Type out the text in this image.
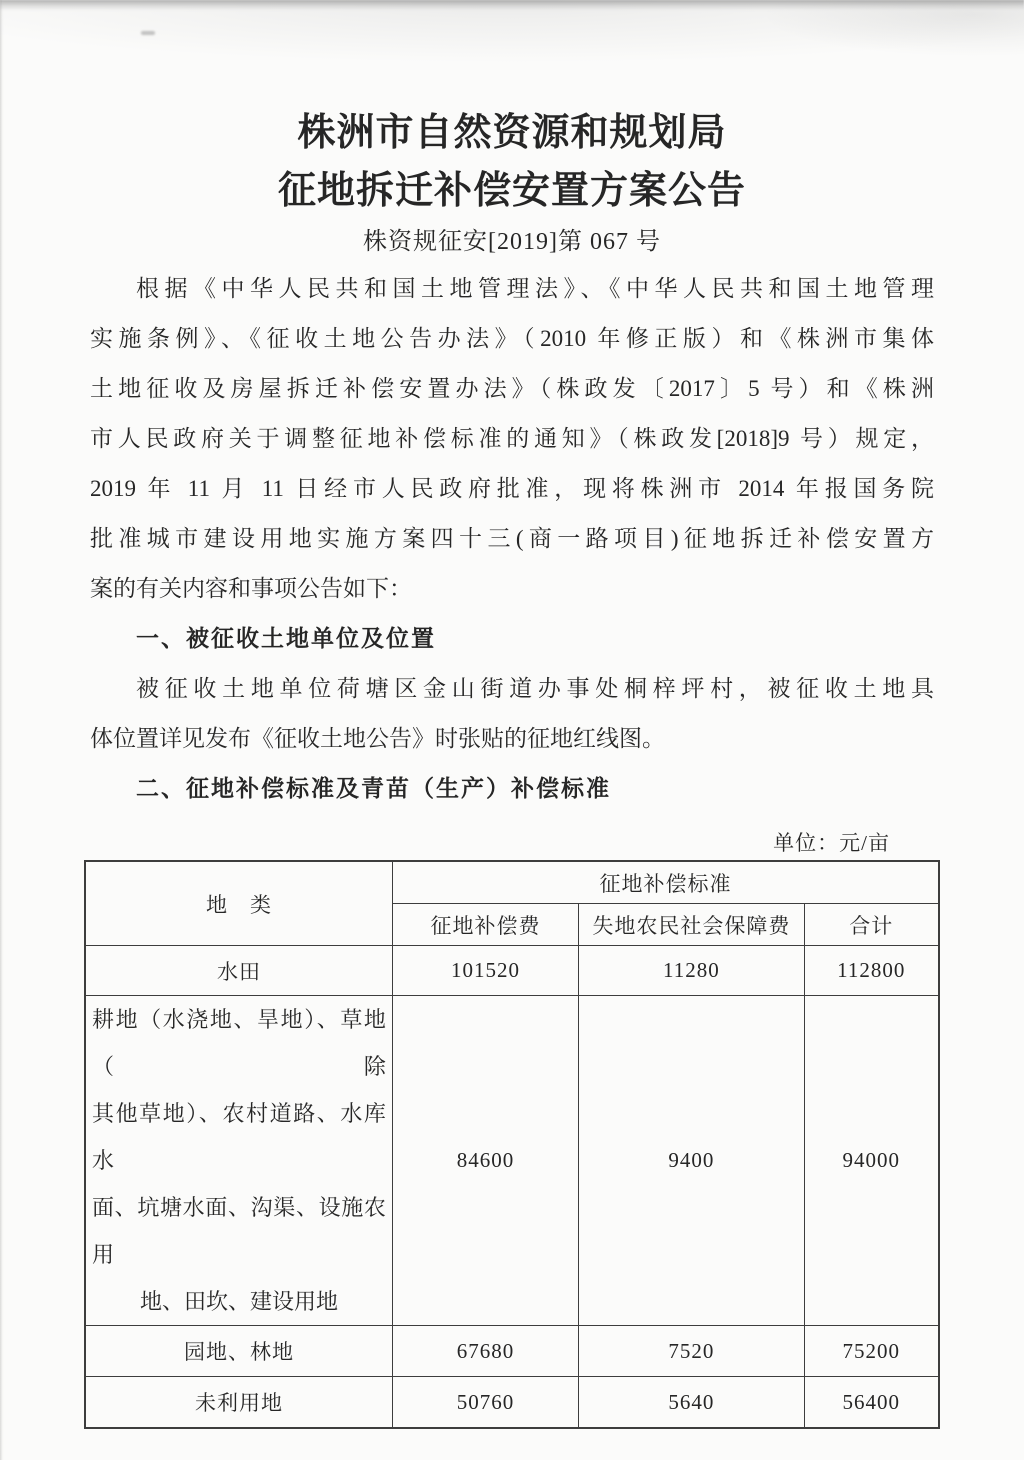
株洲市自然资源和规划局
征地拆迁补偿安置方案公告
株资规征安[2019]第 067 号
根据《中华人民共和国土地管理法》、《中华人民共和国土地管理
实施条例》、《征收土地公告办法》（2010 年修正版）和《株洲市集体
土地征收及房屋拆迁补偿安置办法》（株政发〔2017〕5 号）和《株洲
市人民政府关于调整征地补偿标准的通知》（株政发[2018]9 号）规定，
2019 年 11 月 11 日经市人民政府批准，现将株洲市 2014 年报国务院
批准城市建设用地实施方案四十三(商一路项目)征地拆迁补偿安置方
案的有关内容和事项公告如下：
一、被征收土地单位及位置
被征收土地单位荷塘区金山街道办事处桐梓坪村，被征收土地具
体位置详见发布《征收土地公告》时张贴的征地红线图。
二、征地补偿标准及青苗（生产）补偿标准
单位：元/亩
地　类	征地补偿标准		
	征地补偿费	失地农民社会保障费	合计
水田	101520	11280	112800

耕地（水浇地、旱地）、草地（除
其他草地）、农村道路、水库水
面、坑塘水面、沟渠、设施农用
地、田坎、建设用地	84600	9400	94000
园地、林地	67680	7520	75200
未利用地	50760	5640	56400
